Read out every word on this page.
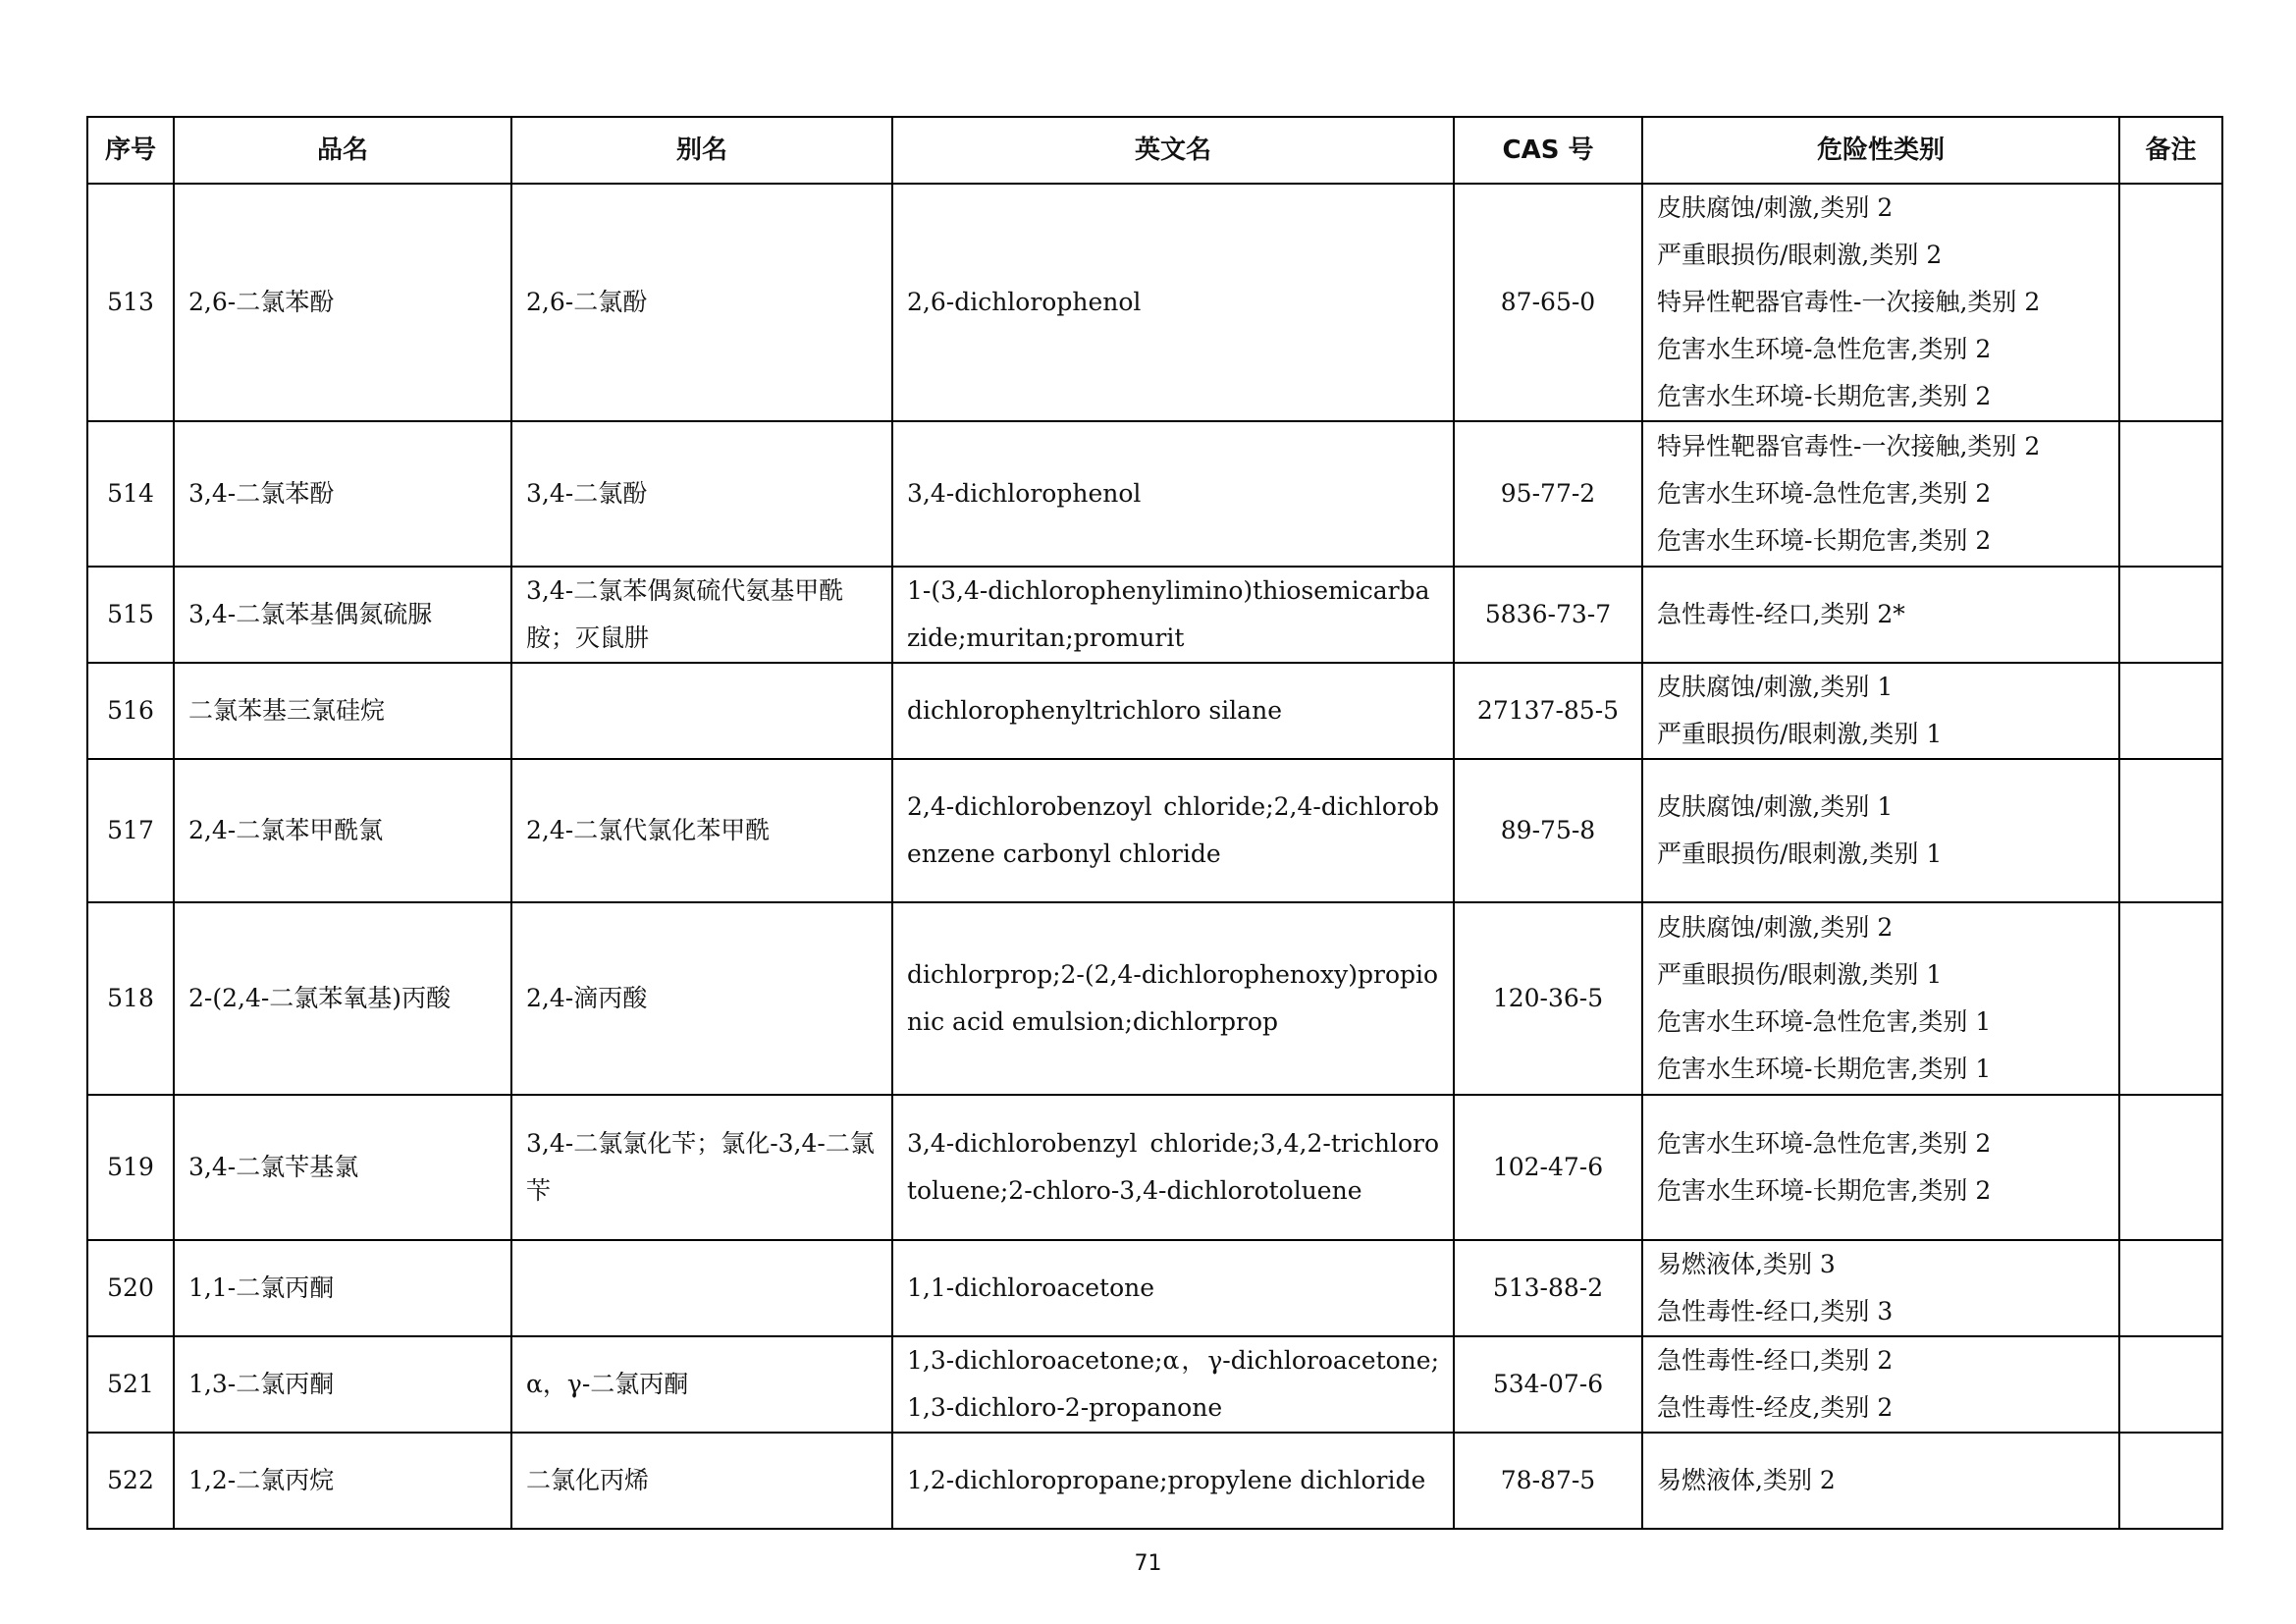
序号	品名	别名	英文名	CAS 号	危险性类别	备注
513	2,6-二氯苯酚	2,6-二氯酚	2,6-dichlorophenol	87-65-0	皮肤腐蚀/刺激,类别 2
严重眼损伤/眼刺激,类别 2
特异性靶器官毒性-一次接触,类别 2
危害水生环境-急性危害,类别 2
危害水生环境-长期危害,类别 2	

514	3,4-二氯苯酚	3,4-二氯酚	3,4-dichlorophenol	95-77-2	特异性靶器官毒性-一次接触,类别 2
危害水生环境-急性危害,类别 2
危害水生环境-长期危害,类别 2	

515	3,4-二氯苯基偶氮硫脲	3,4-二氯苯偶氮硫代氨基甲酰胺；灭鼠肼	1-(3,4-dichlorophenylimino)thiosemicarbazide;muritan;promurit	5836-73-7	急性毒性-经口,类别 2*	

516	二氯苯基三氯硅烷		dichlorophenyltrichloro silane	27137-85-5	皮肤腐蚀/刺激,类别 1
严重眼损伤/眼刺激,类别 1	

517	2,4-二氯苯甲酰氯	2,4-二氯代氯化苯甲酰	2,4-dichlorobenzoyl chloride;2,4-dichlorobenzene carbonyl chloride	89-75-8	皮肤腐蚀/刺激,类别 1
严重眼损伤/眼刺激,类别 1	

518	2-(2,4-二氯苯氧基)丙酸	2,4-滴丙酸	dichlorprop;2-(2,4-dichlorophenoxy)propionic acid emulsion;dichlorprop	120-36-5	皮肤腐蚀/刺激,类别 2
严重眼损伤/眼刺激,类别 1
危害水生环境-急性危害,类别 1
危害水生环境-长期危害,类别 1	

519	3,4-二氯苄基氯	3,4-二氯氯化苄；氯化-3,4-二氯苄	3,4-dichlorobenzyl chloride;3,4,2-trichloro toluene;2-chloro-3,4-dichlorotoluene	102-47-6	危害水生环境-急性危害,类别 2
危害水生环境-长期危害,类别 2	

520	1,1-二氯丙酮		1,1-dichloroacetone	513-88-2	易燃液体,类别 3
急性毒性-经口,类别 3	

521	1,3-二氯丙酮	α，γ-二氯丙酮	1,3-dichloroacetone;α，γ-dichloroacetone;1,3-dichloro-2-propanone	534-07-6	急性毒性-经口,类别 2
急性毒性-经皮,类别 2	

522	1,2-二氯丙烷	二氯化丙烯	1,2-dichloropropane;propylene dichloride	78-87-5	易燃液体,类别 2	

71
